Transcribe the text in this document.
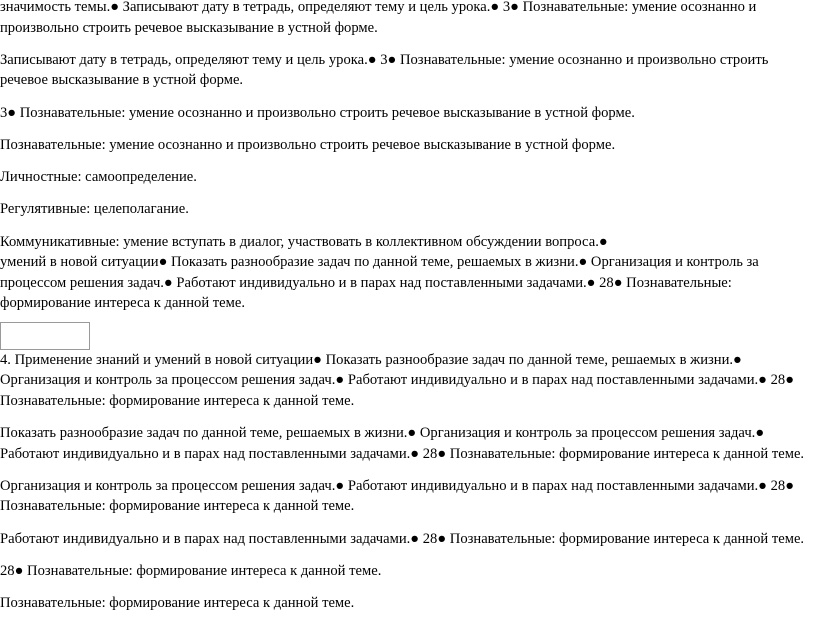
значимость темы.● Записывают дату в тетрадь, определяют тему и цель урока.● 3● Познавательные: умение осознанно и произвольно строить речевое высказывание в устной форме.

Записывают дату в тетрадь, определяют тему и цель урока.● 3● Познавательные: умение осознанно и произвольно строить речевое высказывание в устной форме.

3● Познавательные: умение осознанно и произвольно строить речевое высказывание в устной форме.

Познавательные: умение осознанно и произвольно строить речевое высказывание в устной форме.

Личностные: самоопределение.

Регулятивные: целеполагание.

Коммуникативные: умение вступать в диалог, участвовать в коллективном обсуждении вопроса.●
умений в новой ситуации● Показать разнообразие задач по данной теме, решаемых в жизни.● Организация и контроль за процессом решения задач.● Работают индивидуально и в парах над поставленными задачами.● 28● Познавательные: формирование интереса к данной теме.

4. Применение знаний и умений в новой ситуации● Показать разнообразие задач по данной теме, решаемых в жизни.● Организация и контроль за процессом решения задач.● Работают индивидуально и в парах над поставленными задачами.● 28● Познавательные: формирование интереса к данной теме.

Показать разнообразие задач по данной теме, решаемых в жизни.● Организация и контроль за процессом решения задач.● Работают индивидуально и в парах над поставленными задачами.● 28● Познавательные: формирование интереса к данной теме.

Организация и контроль за процессом решения задач.● Работают индивидуально и в парах над поставленными задачами.● 28● Познавательные: формирование интереса к данной теме.

Работают индивидуально и в парах над поставленными задачами.● 28● Познавательные: формирование интереса к данной теме.

28● Познавательные: формирование интереса к данной теме.

Познавательные: формирование интереса к данной теме.
